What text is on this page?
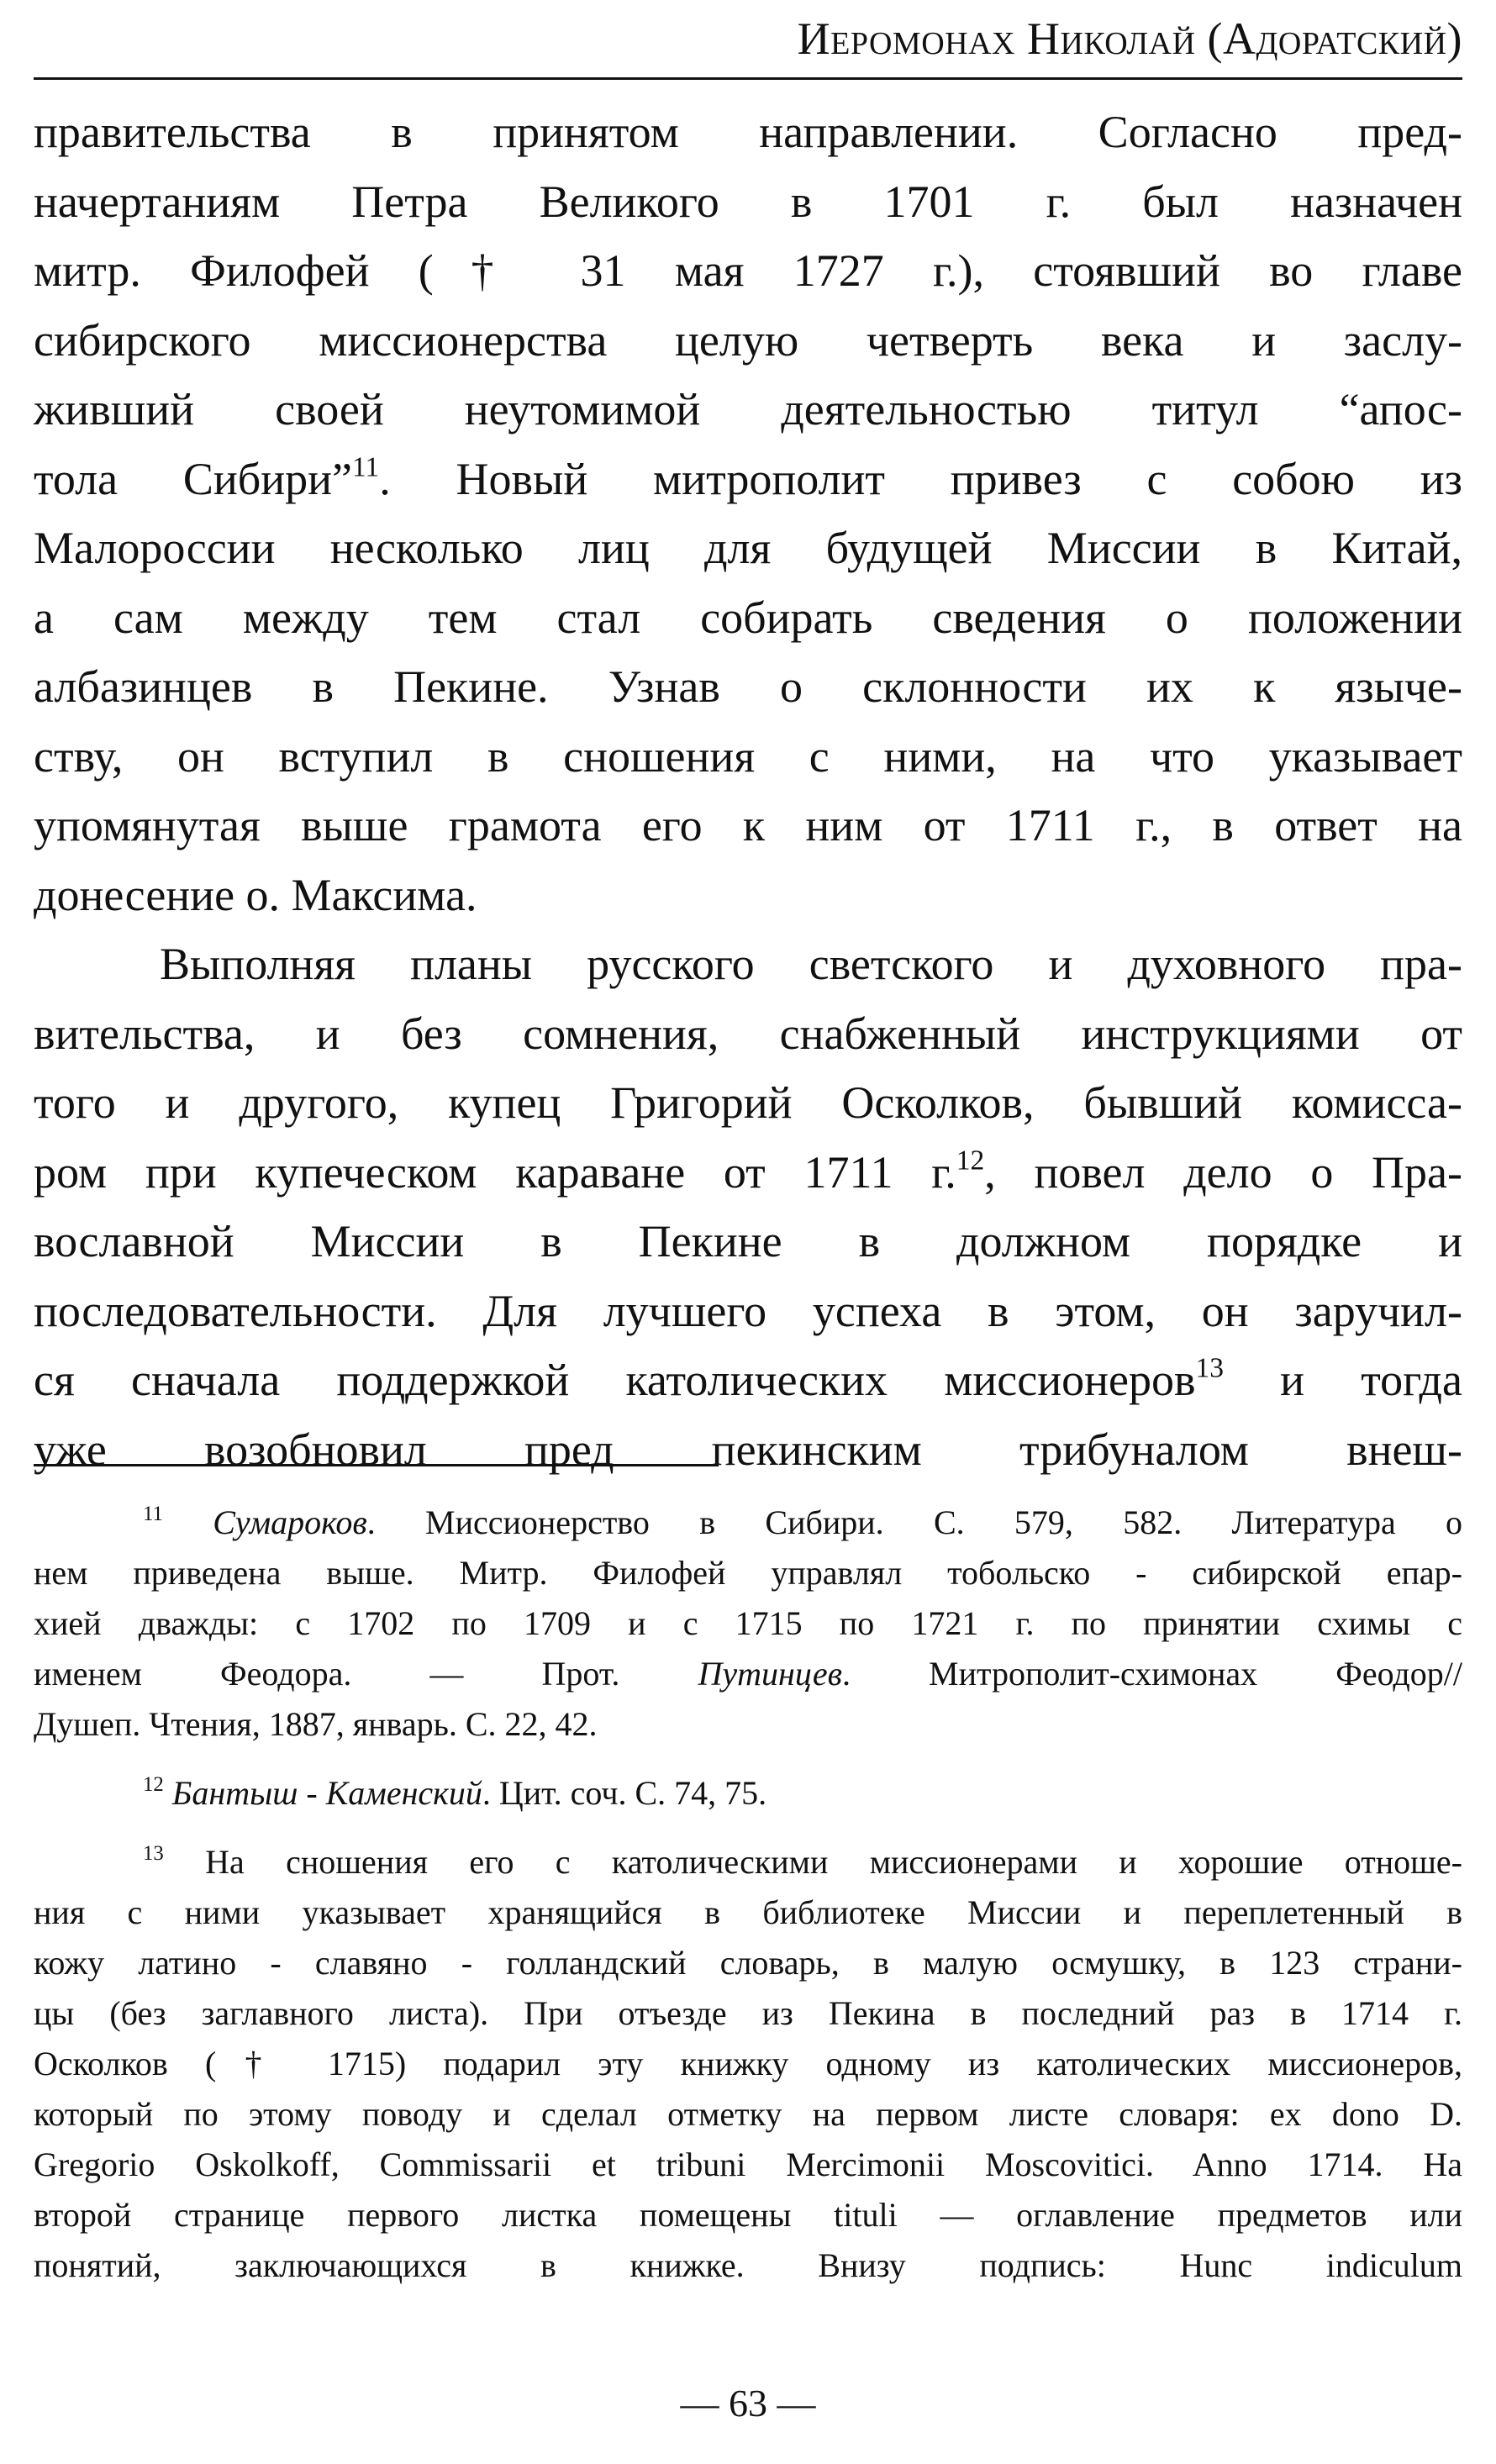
Иеромонах Николай (Адоратский)
правительства в принятом направлении. Согласно пред-
начертаниям Петра Великого в 1701 г. был назначен
митр. Филофей († 31 мая 1727 г.), стоявший во главе
сибирского миссионерства целую четверть века и заслу-
живший своей неутомимой деятельностью титул “апос-
тола Сибири”$^{11}$. Новый митрополит привез с собою из
Малороссии несколько лиц для будущей Миссии в Китай,
а сам между тем стал собирать сведения о положении
албазинцев в Пекине. Узнав о склонности их к языче-
ству, он вступил в сношения с ними, на что указывает
упомянутая выше грамота его к ним от 1711 г., в ответ на
донесение о. Максима.
Выполняя планы русского светского и духовного пра-
вительства, и без сомнения, снабженный инструкциями от
того и другого, купец Григорий Осколков, бывший комисса-
ром при купеческом караване от 1711 г.$^{12}$, повел дело о Пра-
вославной Миссии в Пекине в должном порядке и
последовательности. Для лучшего успеха в этом, он заручил-
ся сначала поддержкой католических миссионеров$^{13}$ и тогда
уже возобновил пред пекинским трибуналом внеш-
$^{11}$ Сумароков. Миссионерство в Сибири. С. 579, 582. Литература о
нем приведена выше. Митр. Филофей управлял тобольско - сибирской епар-
хией дважды: с 1702 по 1709 и с 1715 по 1721 г. по принятии схимы с
именем Феодора. — Прот. Путинцев. Митрополит-схимонах Феодор//
Душеп. Чтения, 1887, январь. С. 22, 42.
$^{12}$ Бантыш - Каменский. Цит. соч. С. 74, 75.
$^{13}$ На сношения его с католическими миссионерами и хорошие отноше-
ния с ними указывает хранящийся в библиотеке Миссии и переплетенный в
кожу латино - славяно - голландский словарь, в малую осмушку, в 123 страни-
цы (без заглавного листа). При отъезде из Пекина в последний раз в 1714 г.
Осколков († 1715) подарил эту книжку одному из католических миссионеров,
который по этому поводу и сделал отметку на первом листе словаря: ex dono D.
Gregorio Oskolkoff, Commissarii et tribuni Mercimonii Moscovitici. Anno 1714. На
второй странице первого листка помещены tituli — оглавление предметов или
понятий, заключающихся в книжке. Внизу подпись: Hunc indiculum
— 63 —
